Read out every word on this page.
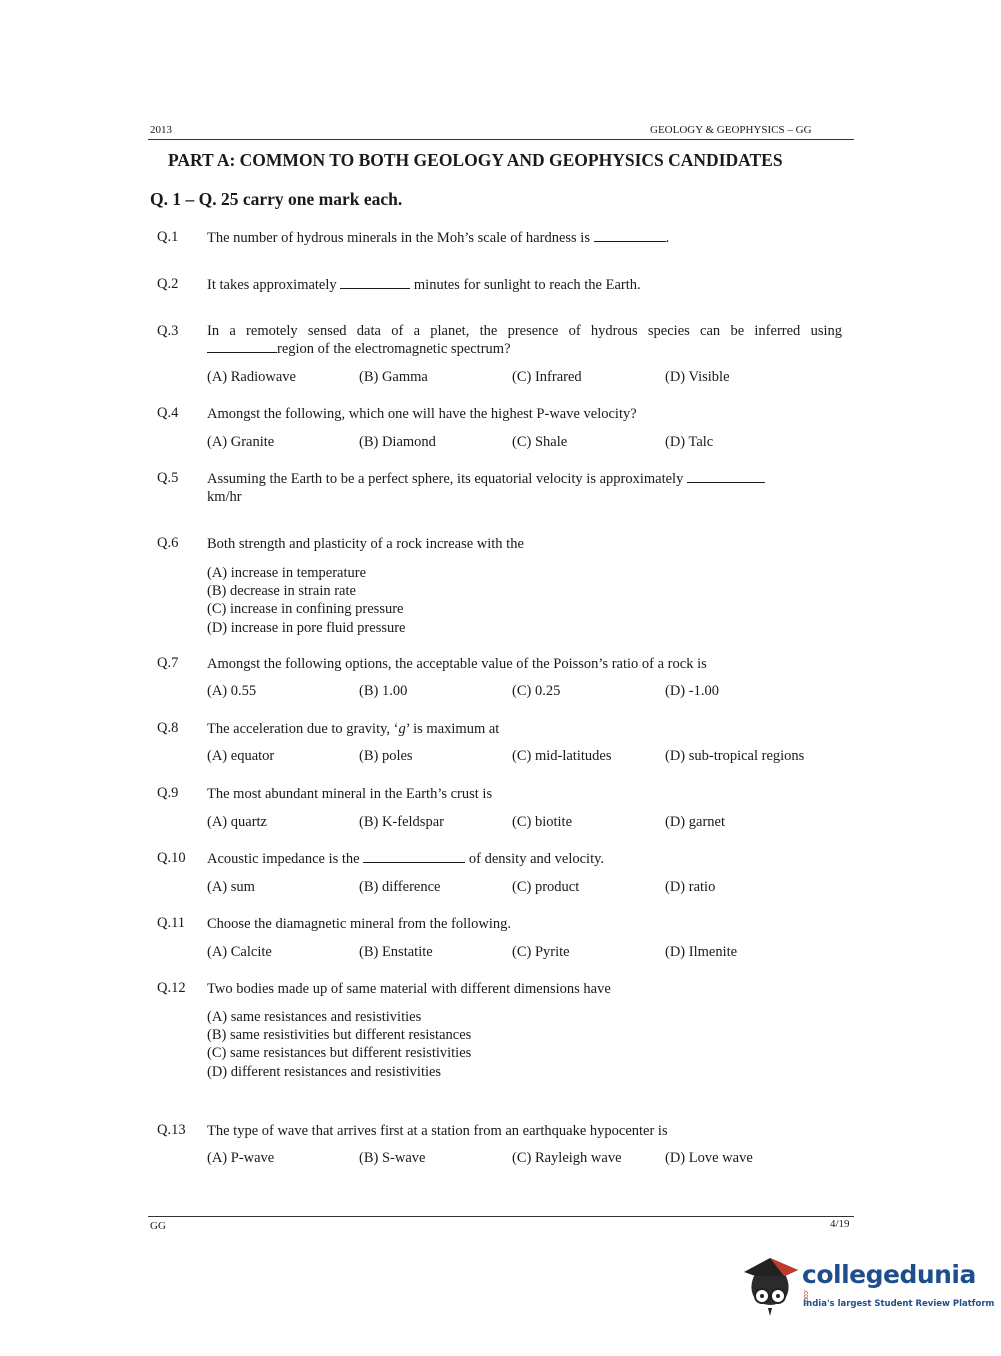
2013	GEOLOGY & GEOPHYSICS – GG
PART A: COMMON TO BOTH GEOLOGY AND GEOPHYSICS CANDIDATES
Q. 1 – Q. 25 carry one mark each.
Q.1 The number of hydrous minerals in the Moh’s scale of hardness is	.
Q.2 It takes approximately	minutes for sunlight to reach the Earth.
Q.3 In a remotely sensed data of a planet, the presence of hydrous species can be inferred using
region of the electromagnetic spectrum?
(A) Radiowave	(B) Gamma	(C) Infrared	(D) Visible
Q.4 Amongst the following, which one will have the highest P-wave velocity?
(A) Granite	(B) Diamond	(C) Shale	(D) Talc
Q.5 Assuming the Earth to be a perfect sphere, its equatorial velocity is approximately
km/hr
Q.6 Both strength and plasticity of a rock increase with the
(A) increase in temperature
(B) decrease in strain rate
(C) increase in confining pressure
(D) increase in pore fluid pressure
Q.7 Amongst the following options, the acceptable value of the Poisson’s ratio of a rock is
(A) 0.55	(B) 1.00	(C) 0.25	(D) -1.00
Q.8 The acceleration due to gravity, ‘g’ is maximum at
(A) equator	(B) poles	(C) mid-latitudes	(D) sub-tropical regions
Q.9 The most abundant mineral in the Earth’s crust is
(A) quartz	(B) K-feldspar	(C) biotite	(D) garnet
Q.10 Acoustic impedance is the	of density and velocity.
(A) sum	(B) difference	(C) product	(D) ratio
Q.11 Choose the diamagnetic mineral from the following.
(A) Calcite	(B) Enstatite	(C) Pyrite	(D) Ilmenite
Q.12 Two bodies made up of same material with different dimensions have
(A) same resistances and resistivities
(B) same resistivities but different resistances
(C) same resistances but different resistivities
(D) different resistances and resistivities
Q.13 The type of wave that arrives first at a station from an earthquake hypocenter is
(A) P-wave	(B) S-wave	(C) Rayleigh wave	(D) Love wave
GG	4/19
collegedunia.com
India's largest Student Review Platform
